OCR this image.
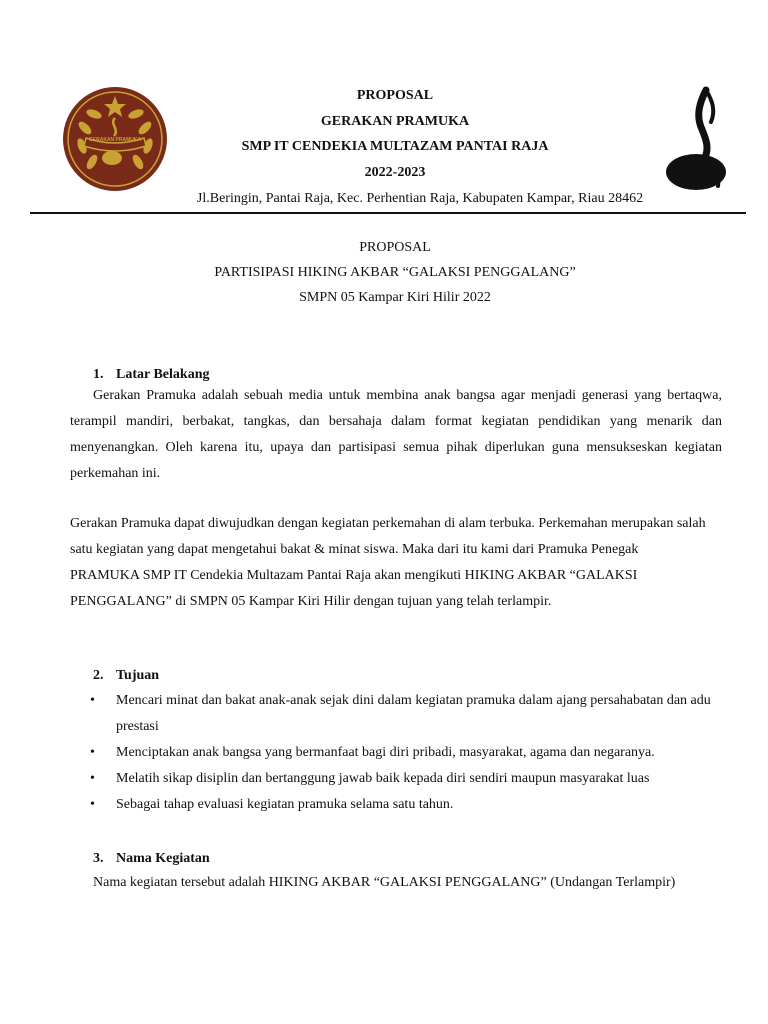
GERAKAN PRAMUKA
PROPOSAL
GERAKAN PRAMUKA
SMP IT CENDEKIA MULTAZAM PANTAI RAJA
2022-2023
Jl.Beringin, Pantai Raja, Kec. Perhentian Raja, Kabupaten Kampar, Riau 28462
PROPOSAL
PARTISIPASI HIKING AKBAR “GALAKSI PENGGALANG”
SMPN 05 Kampar Kiri Hilir 2022
1. Latar Belakang
Gerakan Pramuka adalah sebuah media untuk membina anak bangsa agar menjadi generasi yang bertaqwa, terampil mandiri, berbakat, tangkas, dan bersahaja dalam format kegiatan pendidikan yang menarik dan menyenangkan. Oleh karena itu, upaya dan partisipasi semua pihak diperlukan guna mensukseskan kegiatan perkemahan ini.
Gerakan Pramuka dapat diwujudkan dengan kegiatan perkemahan di alam terbuka. Perkemahan merupakan salah satu kegiatan yang dapat mengetahui bakat & minat siswa. Maka dari itu kami dari Pramuka Penegak PRAMUKA SMP IT Cendekia Multazam Pantai Raja akan mengikuti HIKING AKBAR “GALAKSI PENGGALANG” di SMPN 05 Kampar Kiri Hilir dengan tujuan yang telah terlampir.
2. Tujuan
• Mencari minat dan bakat anak-anak sejak dini dalam kegiatan pramuka dalam ajang persahabatan dan adu prestasi
• Menciptakan anak bangsa yang bermanfaat bagi diri pribadi, masyarakat, agama dan negaranya.
• Melatih sikap disiplin dan bertanggung jawab baik kepada diri sendiri maupun masyarakat luas
• Sebagai tahap evaluasi kegiatan pramuka selama satu tahun.
3. Nama Kegiatan
Nama kegiatan tersebut adalah HIKING AKBAR “GALAKSI PENGGALANG” (Undangan Terlampir)
